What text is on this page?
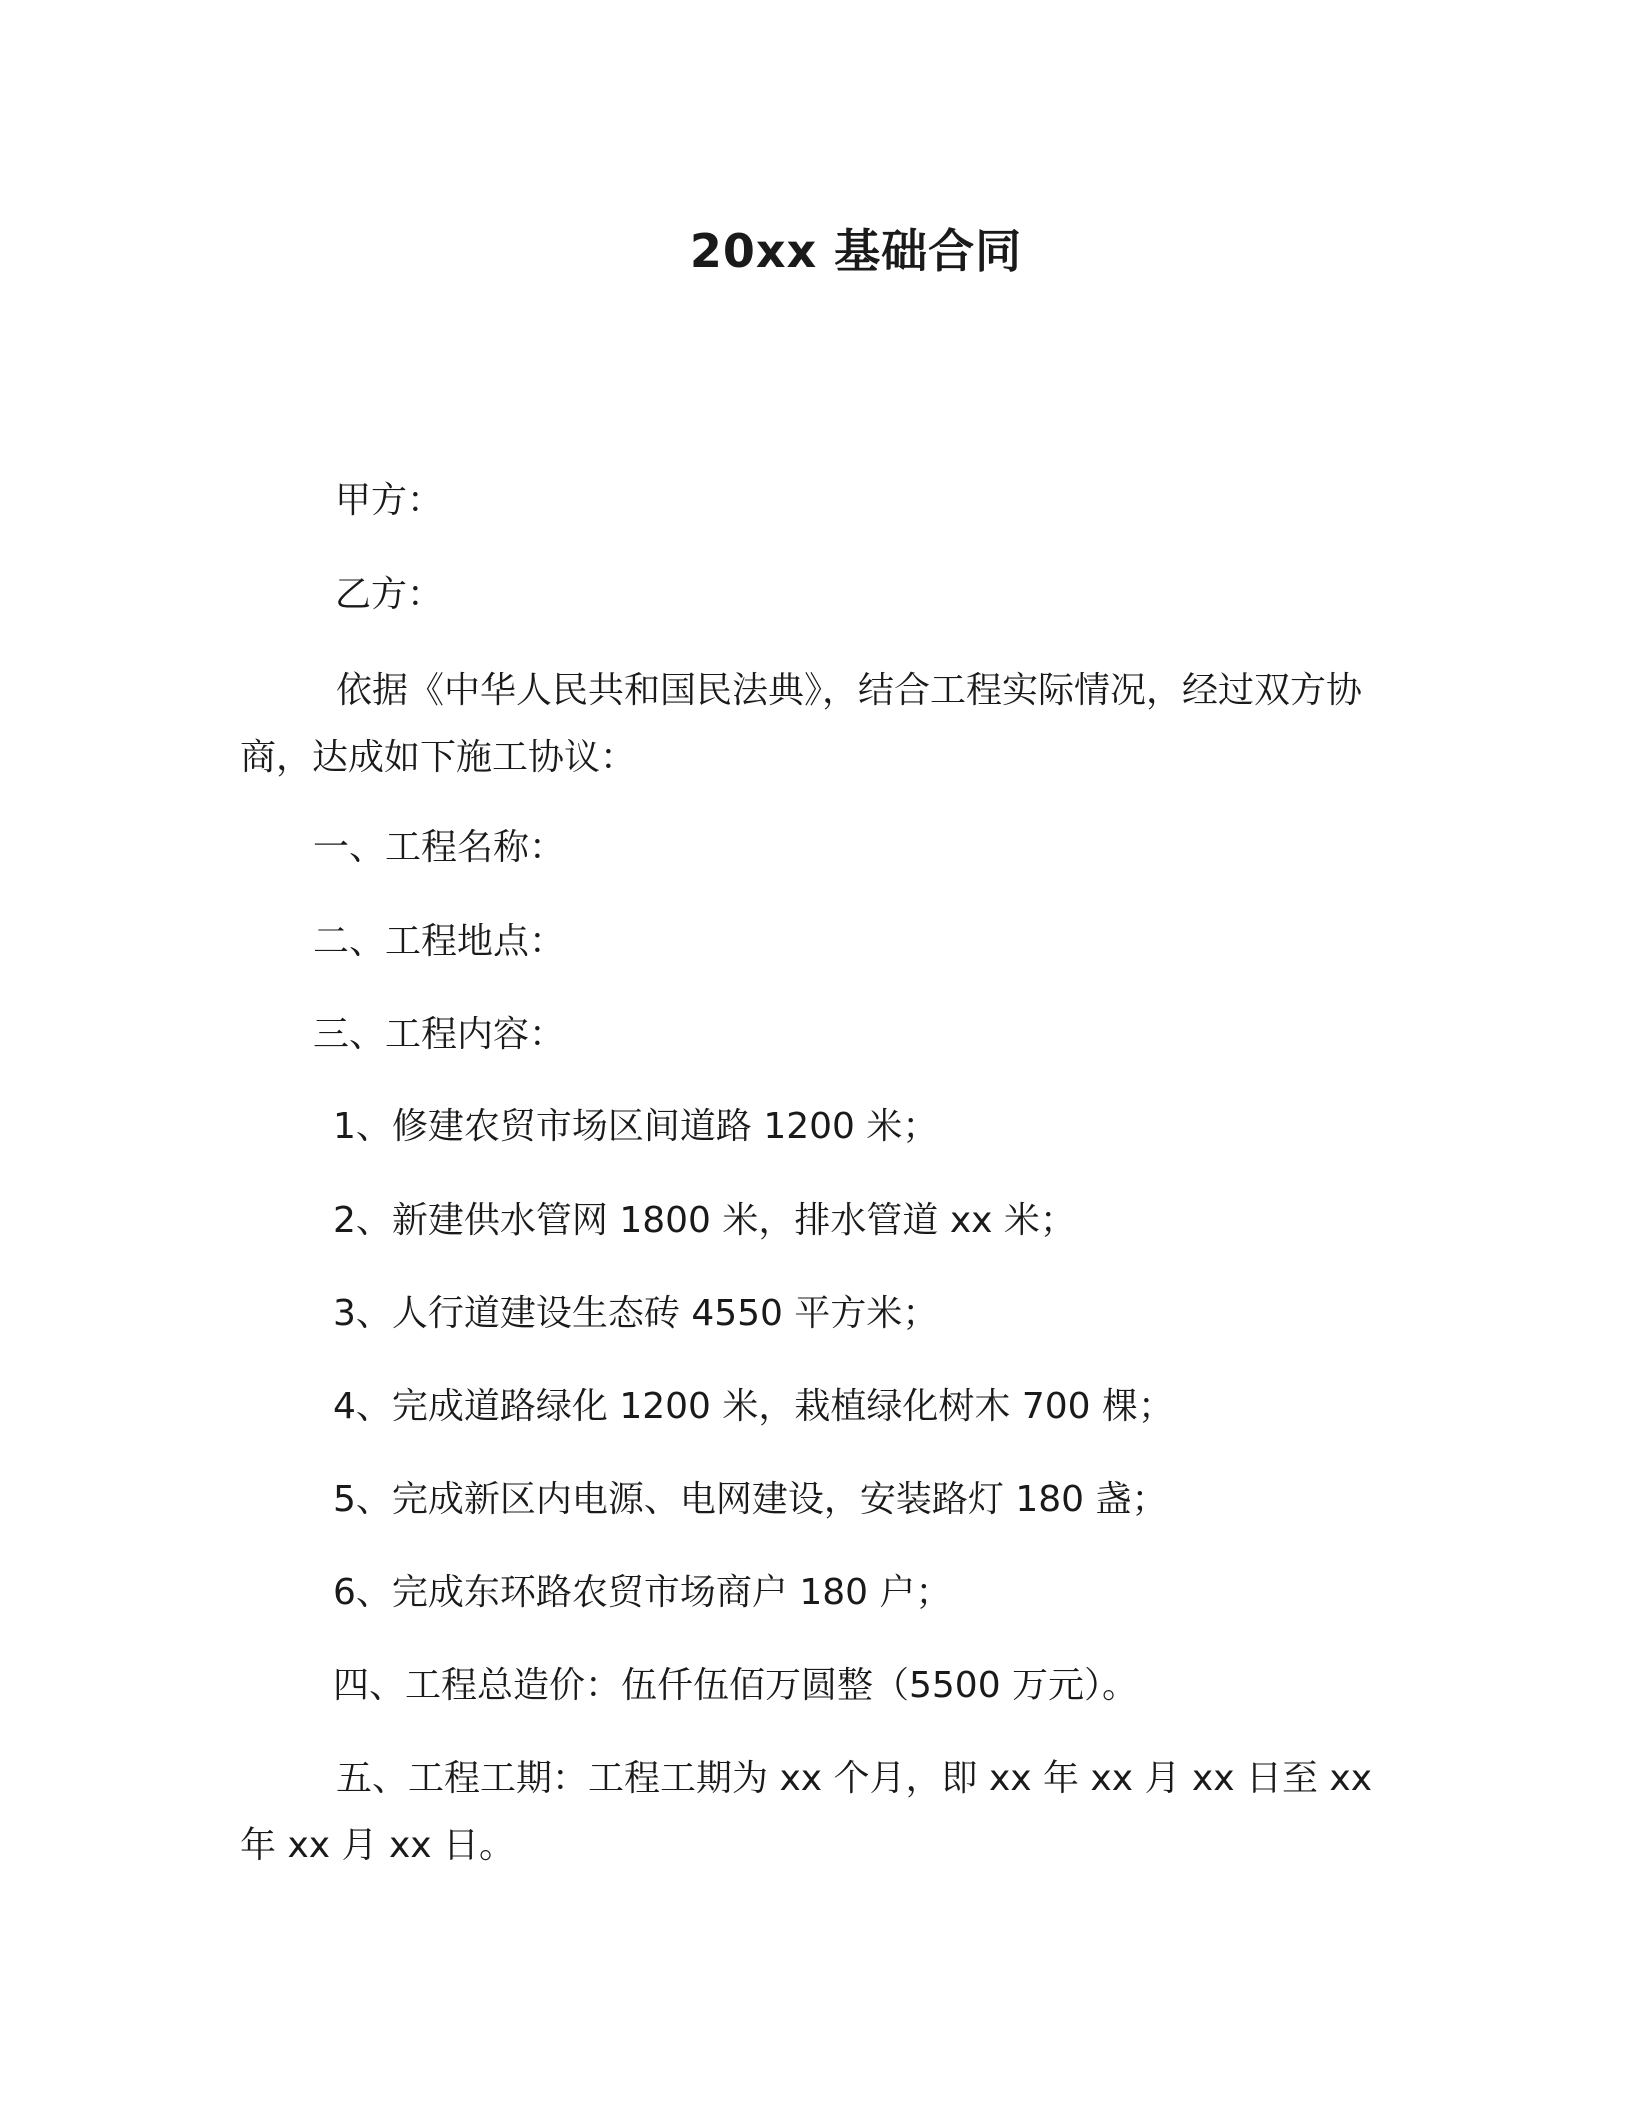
20xx 基础合同
甲方：
乙方：
依据《中华人民共和国民法典》，结合工程实际情况，经过双方协商，达成如下施工协议：
一、工程名称：
二、工程地点：
三、工程内容：
1、修建农贸市场区间道路 1200 米；
2、新建供水管网 1800 米，排水管道 xx 米；
3、人行道建设生态砖 4550 平方米；
4、完成道路绿化 1200 米，栽植绿化树木 700 棵；
5、完成新区内电源、电网建设，安装路灯 180 盏；
6、完成东环路农贸市场商户 180 户；
四、工程总造价：伍仟伍佰万圆整（5500 万元）。
五、工程工期：工程工期为 xx 个月，即 xx 年 xx 月 xx 日至 xx 年 xx 月 xx 日。
